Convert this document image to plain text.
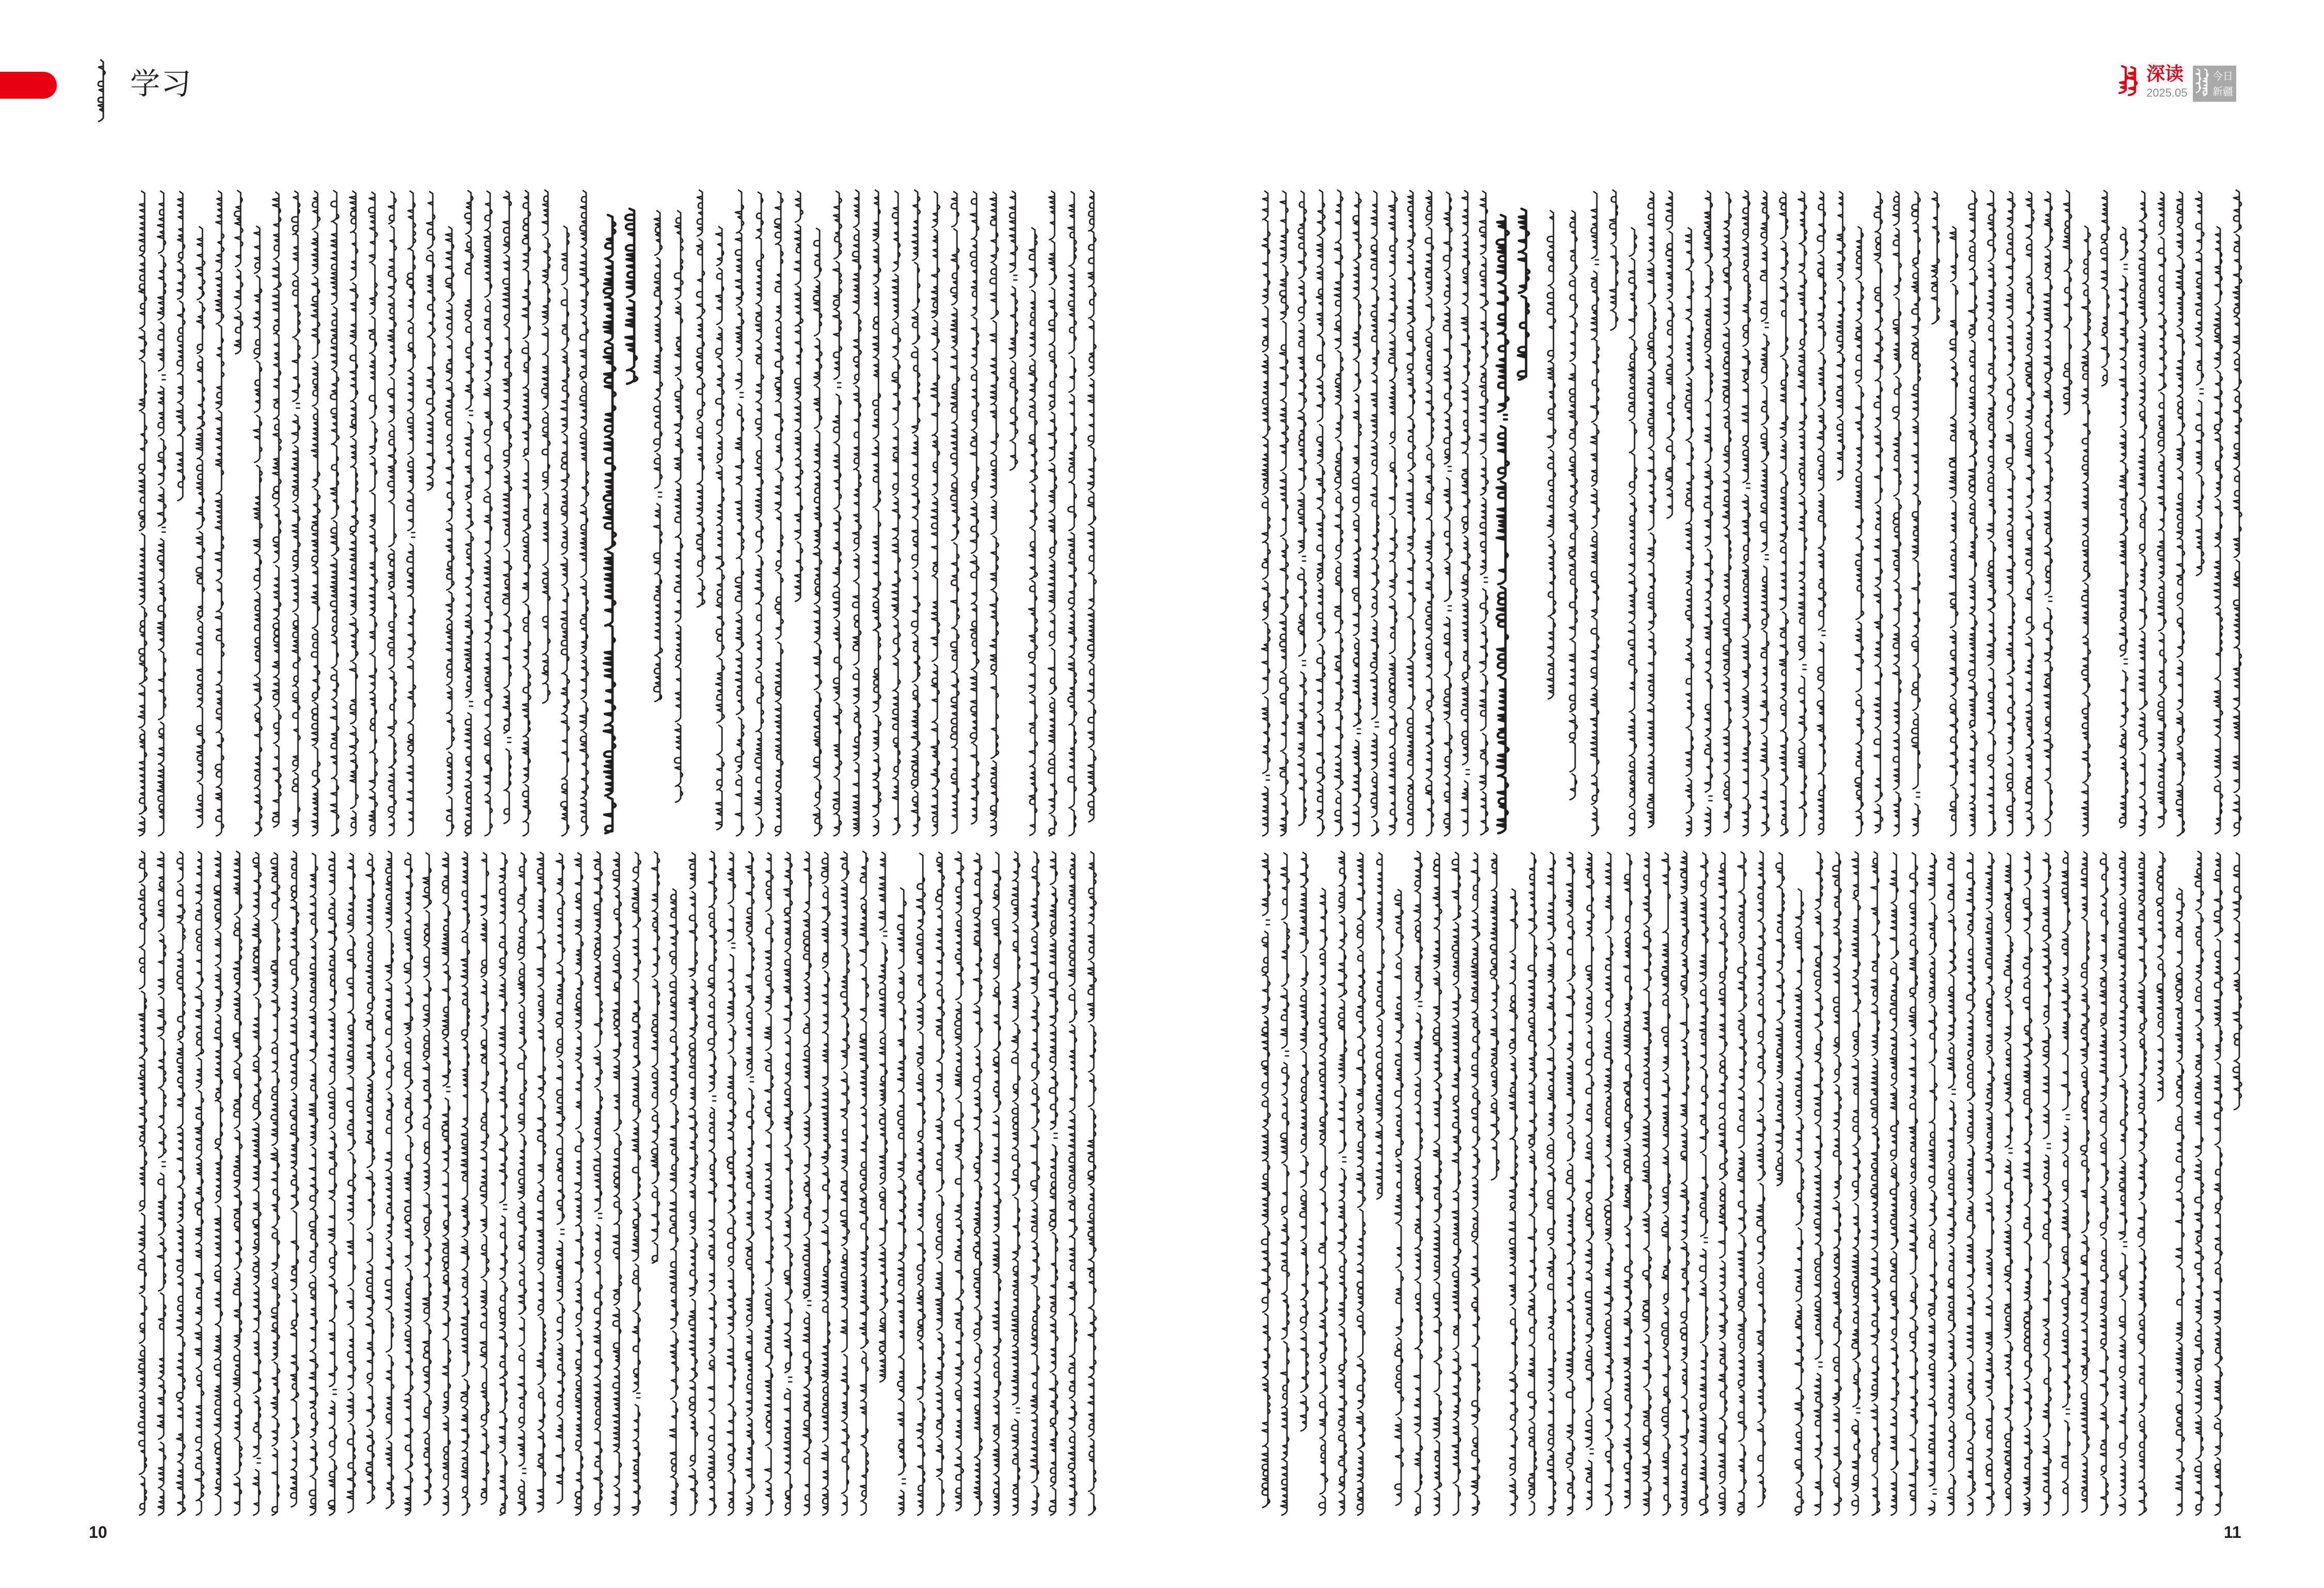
学习	深读
2025.05
今日
新疆
10	11
